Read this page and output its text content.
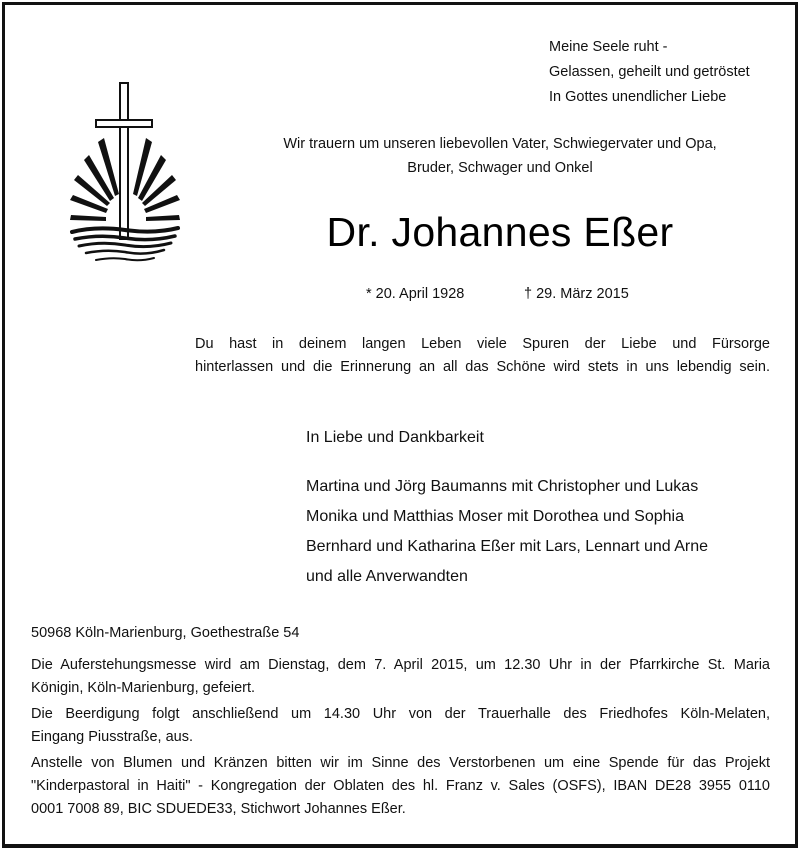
Meine Seele ruht -
Gelassen, geheilt und getröstet
In Gottes unendlicher Liebe
Wir trauern um unseren liebevollen Vater, Schwiegervater und Opa,
Bruder, Schwager und Onkel
Dr. Johannes Eßer
* 20. April 1928	† 29. März 2015
Du hast in deinem langen Leben viele Spuren der Liebe und Fürsorge
hinterlassen und die Erinnerung an all das Schöne wird stets in uns lebendig sein.
In Liebe und Dankbarkeit
Martina und Jörg Baumanns mit Christopher und Lukas
Monika und Matthias Moser mit Dorothea und Sophia
Bernhard und Katharina Eßer mit Lars, Lennart und Arne
und alle Anverwandten
50968 Köln-Marienburg, Goethestraße 54

Die Auferstehungsmesse wird am Dienstag, dem 7. April 2015, um 12.30 Uhr in der Pfarrkirche St. Maria
Königin, Köln-Marienburg, gefeiert.

Die Beerdigung folgt anschließend um 14.30 Uhr von der Trauerhalle des Friedhofes Köln-Melaten,
Eingang Piusstraße, aus.

Anstelle von Blumen und Kränzen bitten wir im Sinne des Verstorbenen um eine Spende für das Projekt
"Kinderpastoral in Haiti" - Kongregation der Oblaten des hl. Franz v. Sales (OSFS), IBAN DE28 3955 0110
0001 7008 89, BIC SDUEDE33, Stichwort Johannes Eßer.
